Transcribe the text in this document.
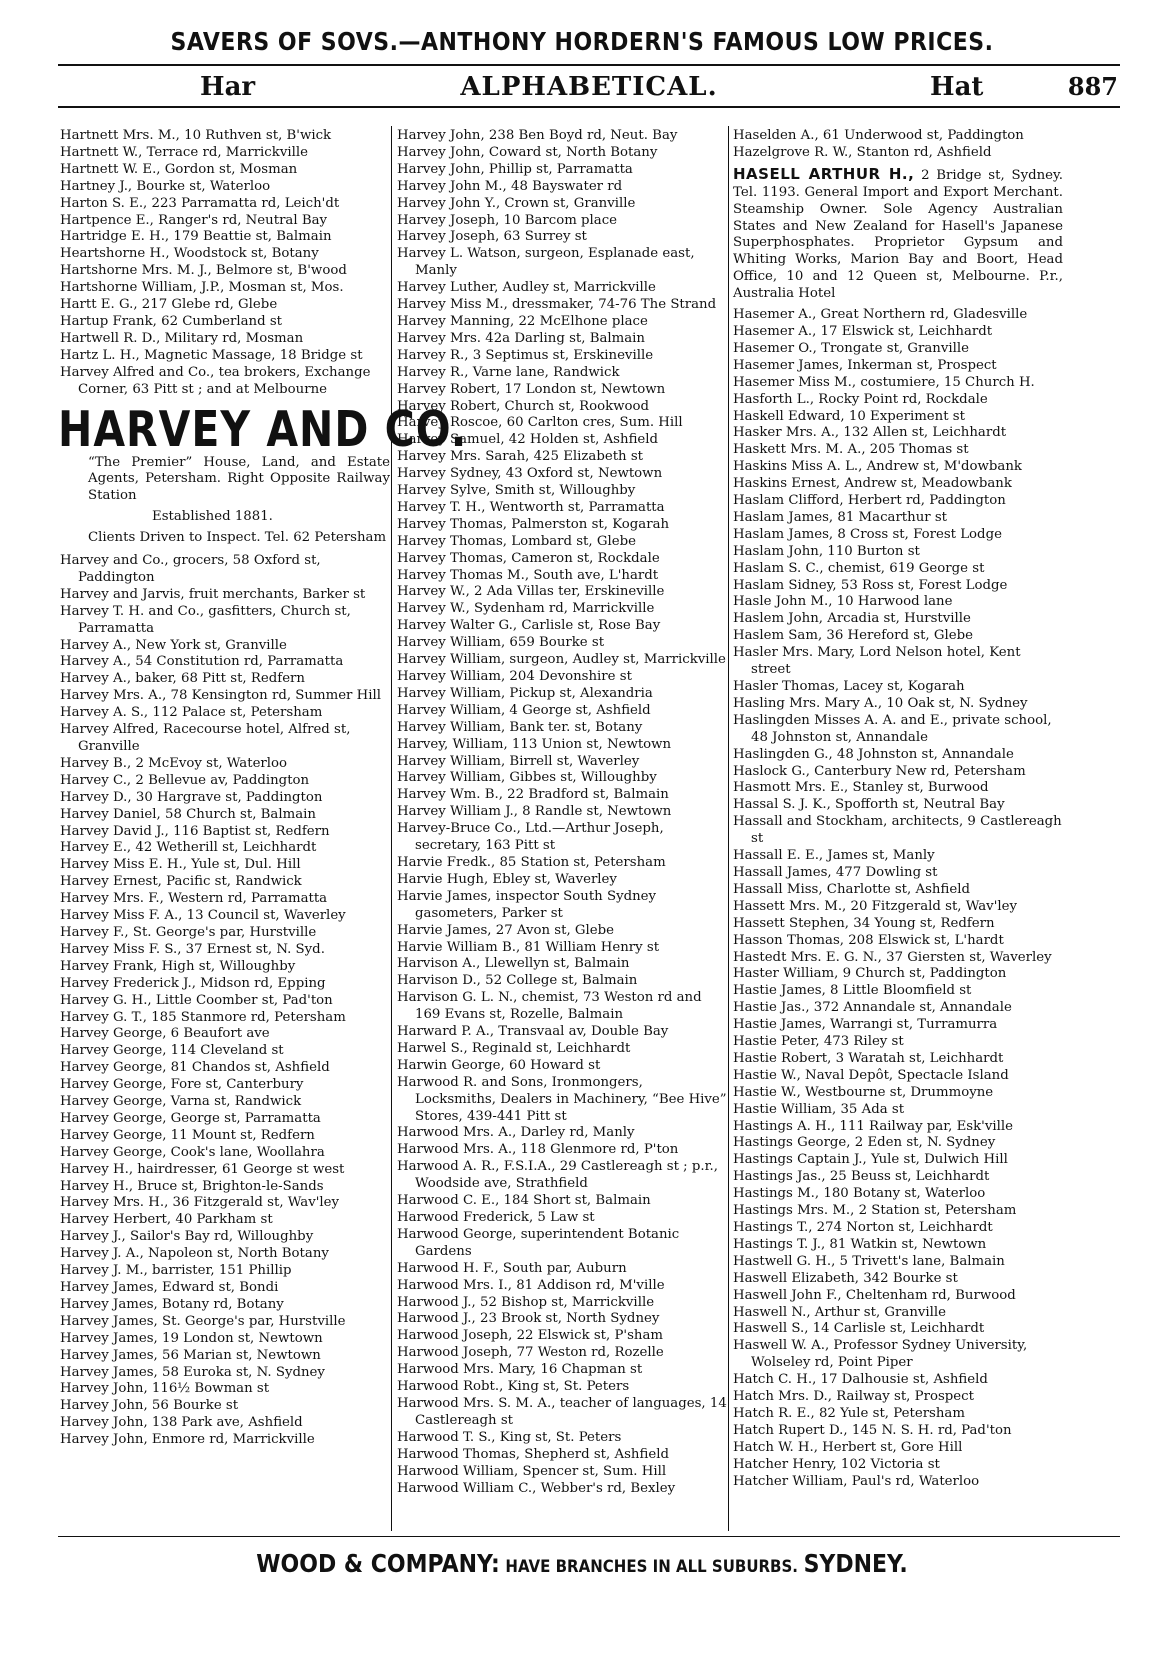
SAVERS OF SOVS.—ANTHONY HORDERN'S FAMOUS LOW PRICES.
Har	ALPHABETICAL.	Hat	887
Hartnett Mrs. M., 10 Ruthven st, B'wick
Hartnett W., Terrace rd, Marrickville
Hartnett W. E., Gordon st, Mosman
Hartney J., Bourke st, Waterloo
Harton S. E., 223 Parramatta rd, Leich'dt
Hartpence E., Ranger's rd, Neutral Bay
Hartridge E. H., 179 Beattie st, Balmain
Heartshorne H., Woodstock st, Botany
Hartshorne Mrs. M. J., Belmore st, B'wood
Hartshorne William, J.P., Mosman st, Mos.
Hartt E. G., 217 Glebe rd, Glebe
Hartup Frank, 62 Cumberland st
Hartwell R. D., Military rd, Mosman
Hartz L. H., Magnetic Massage, 18 Bridge st
Harvey Alfred and Co., tea brokers, Exchange Corner, 63 Pitt st ; and at Melbourne
HARVEY AND CO.
“The Premier” House, Land, and Estate Agents, Petersham. Right Opposite Railway Station
Established 1881.
Clients Driven to Inspect. Tel. 62 Petersham
Harvey and Co., grocers, 58 Oxford st, Paddington
Harvey and Jarvis, fruit merchants, Barker st
Harvey T. H. and Co., gasfitters, Church st, Parramatta
Harvey A., New York st, Granville
Harvey A., 54 Constitution rd, Parramatta
Harvey A., baker, 68 Pitt st, Redfern
Harvey Mrs. A., 78 Kensington rd, Summer Hill
Harvey A. S., 112 Palace st, Petersham
Harvey Alfred, Racecourse hotel, Alfred st, Granville
Harvey B., 2 McEvoy st, Waterloo
Harvey C., 2 Bellevue av, Paddington
Harvey D., 30 Hargrave st, Paddington
Harvey Daniel, 58 Church st, Balmain
Harvey David J., 116 Baptist st, Redfern
Harvey E., 42 Wetherill st, Leichhardt
Harvey Miss E. H., Yule st, Dul. Hill
Harvey Ernest, Pacific st, Randwick
Harvey Mrs. F., Western rd, Parramatta
Harvey Miss F. A., 13 Council st, Waverley
Harvey F., St. George's par, Hurstville
Harvey Miss F. S., 37 Ernest st, N. Syd.
Harvey Frank, High st, Willoughby
Harvey Frederick J., Midson rd, Epping
Harvey G. H., Little Coomber st, Pad'ton
Harvey G. T., 185 Stanmore rd, Petersham
Harvey George, 6 Beaufort ave
Harvey George, 114 Cleveland st
Harvey George, 81 Chandos st, Ashfield
Harvey George, Fore st, Canterbury
Harvey George, Varna st, Randwick
Harvey George, George st, Parramatta
Harvey George, 11 Mount st, Redfern
Harvey George, Cook's lane, Woollahra
Harvey H., hairdresser, 61 George st west
Harvey H., Bruce st, Brighton-le-Sands
Harvey Mrs. H., 36 Fitzgerald st, Wav'ley
Harvey Herbert, 40 Parkham st
Harvey J., Sailor's Bay rd, Willoughby
Harvey J. A., Napoleon st, North Botany
Harvey J. M., barrister, 151 Phillip
Harvey James, Edward st, Bondi
Harvey James, Botany rd, Botany
Harvey James, St. George's par, Hurstville
Harvey James, 19 London st, Newtown
Harvey James, 56 Marian st, Newtown
Harvey James, 58 Euroka st, N. Sydney
Harvey John, 116½ Bowman st
Harvey John, 56 Bourke st
Harvey John, 138 Park ave, Ashfield
Harvey John, Enmore rd, Marrickville
Harvey John, 238 Ben Boyd rd, Neut. Bay
Harvey John, Coward st, North Botany
Harvey John, Phillip st, Parramatta
Harvey John M., 48 Bayswater rd
Harvey John Y., Crown st, Granville
Harvey Joseph, 10 Barcom place
Harvey Joseph, 63 Surrey st
Harvey L. Watson, surgeon, Esplanade east, Manly
Harvey Luther, Audley st, Marrickville
Harvey Miss M., dressmaker, 74-76 The Strand
Harvey Manning, 22 McElhone place
Harvey Mrs. 42a Darling st, Balmain
Harvey R., 3 Septimus st, Erskineville
Harvey R., Varne lane, Randwick
Harvey Robert, 17 London st, Newtown
Harvey Robert, Church st, Rookwood
Harvey Roscoe, 60 Carlton cres, Sum. Hill
Harvey Samuel, 42 Holden st, Ashfield
Harvey Mrs. Sarah, 425 Elizabeth st
Harvey Sydney, 43 Oxford st, Newtown
Harvey Sylve, Smith st, Willoughby
Harvey T. H., Wentworth st, Parramatta
Harvey Thomas, Palmerston st, Kogarah
Harvey Thomas, Lombard st, Glebe
Harvey Thomas, Cameron st, Rockdale
Harvey Thomas M., South ave, L'hardt
Harvey W., 2 Ada Villas ter, Erskineville
Harvey W., Sydenham rd, Marrickville
Harvey Walter G., Carlisle st, Rose Bay
Harvey William, 659 Bourke st
Harvey William, surgeon, Audley st, Marrickville
Harvey William, 204 Devonshire st
Harvey William, Pickup st, Alexandria
Harvey William, 4 George st, Ashfield
Harvey William, Bank ter. st, Botany
Harvey, William, 113 Union st, Newtown
Harvey William, Birrell st, Waverley
Harvey William, Gibbes st, Willoughby
Harvey Wm. B., 22 Bradford st, Balmain
Harvey William J., 8 Randle st, Newtown
Harvey-Bruce Co., Ltd.—Arthur Joseph, secretary, 163 Pitt st
Harvie Fredk., 85 Station st, Petersham
Harvie Hugh, Ebley st, Waverley
Harvie James, inspector South Sydney gasometers, Parker st
Harvie James, 27 Avon st, Glebe
Harvie William B., 81 William Henry st
Harvison A., Llewellyn st, Balmain
Harvison D., 52 College st, Balmain
Harvison G. L. N., chemist, 73 Weston rd and 169 Evans st, Rozelle, Balmain
Harward P. A., Transvaal av, Double Bay
Harwel S., Reginald st, Leichhardt
Harwin George, 60 Howard st
Harwood R. and Sons, Ironmongers, Locksmiths, Dealers in Machinery, “Bee Hive” Stores, 439-441 Pitt st
Harwood Mrs. A., Darley rd, Manly
Harwood Mrs. A., 118 Glenmore rd, P'ton
Harwood A. R., F.S.I.A., 29 Castlereagh st ; p.r., Woodside ave, Strathfield
Harwood C. E., 184 Short st, Balmain
Harwood Frederick, 5 Law st
Harwood George, superintendent Botanic Gardens
Harwood H. F., South par, Auburn
Harwood Mrs. I., 81 Addison rd, M'ville
Harwood J., 52 Bishop st, Marrickville
Harwood J., 23 Brook st, North Sydney
Harwood Joseph, 22 Elswick st, P'sham
Harwood Joseph, 77 Weston rd, Rozelle
Harwood Mrs. Mary, 16 Chapman st
Harwood Robt., King st, St. Peters
Harwood Mrs. S. M. A., teacher of languages, 14 Castlereagh st
Harwood T. S., King st, St. Peters
Harwood Thomas, Shepherd st, Ashfield
Harwood William, Spencer st, Sum. Hill
Harwood William C., Webber's rd, Bexley
Haselden A., 61 Underwood st, Paddington
Hazelgrove R. W., Stanton rd, Ashfield
HASELL ARTHUR H., 2 Bridge st, Sydney. Tel. 1193. General Import and Export Merchant. Steamship Owner. Sole Agency Australian States and New Zealand for Hasell's Japanese Superphosphates. Proprietor Gypsum and Whiting Works, Marion Bay and Boort, Head Office, 10 and 12 Queen st, Melbourne. P.r., Australia Hotel
Hasemer A., Great Northern rd, Gladesville
Hasemer A., 17 Elswick st, Leichhardt
Hasemer O., Trongate st, Granville
Hasemer James, Inkerman st, Prospect
Hasemer Miss M., costumiere, 15 Church H.
Hasforth L., Rocky Point rd, Rockdale
Haskell Edward, 10 Experiment st
Hasker Mrs. A., 132 Allen st, Leichhardt
Haskett Mrs. M. A., 205 Thomas st
Haskins Miss A. L., Andrew st, M'dowbank
Haskins Ernest, Andrew st, Meadowbank
Haslam Clifford, Herbert rd, Paddington
Haslam James, 81 Macarthur st
Haslam James, 8 Cross st, Forest Lodge
Haslam John, 110 Burton st
Haslam S. C., chemist, 619 George st
Haslam Sidney, 53 Ross st, Forest Lodge
Hasle John M., 10 Harwood lane
Haslem John, Arcadia st, Hurstville
Haslem Sam, 36 Hereford st, Glebe
Hasler Mrs. Mary, Lord Nelson hotel, Kent street
Hasler Thomas, Lacey st, Kogarah
Hasling Mrs. Mary A., 10 Oak st, N. Sydney
Haslingden Misses A. A. and E., private school, 48 Johnston st, Annandale
Haslingden G., 48 Johnston st, Annandale
Haslock G., Canterbury New rd, Petersham
Hasmott Mrs. E., Stanley st, Burwood
Hassal S. J. K., Spofforth st, Neutral Bay
Hassall and Stockham, architects, 9 Castlereagh st
Hassall E. E., James st, Manly
Hassall James, 477 Dowling st
Hassall Miss, Charlotte st, Ashfield
Hassett Mrs. M., 20 Fitzgerald st, Wav'ley
Hassett Stephen, 34 Young st, Redfern
Hasson Thomas, 208 Elswick st, L'hardt
Hastedt Mrs. E. G. N., 37 Giersten st, Waverley
Haster William, 9 Church st, Paddington
Hastie James, 8 Little Bloomfield st
Hastie Jas., 372 Annandale st, Annandale
Hastie James, Warrangi st, Turramurra
Hastie Peter, 473 Riley st
Hastie Robert, 3 Waratah st, Leichhardt
Hastie W., Naval Depôt, Spectacle Island
Hastie W., Westbourne st, Drummoyne
Hastie William, 35 Ada st
Hastings A. H., 111 Railway par, Esk'ville
Hastings George, 2 Eden st, N. Sydney
Hastings Captain J., Yule st, Dulwich Hill
Hastings Jas., 25 Beuss st, Leichhardt
Hastings M., 180 Botany st, Waterloo
Hastings Mrs. M., 2 Station st, Petersham
Hastings T., 274 Norton st, Leichhardt
Hastings T. J., 81 Watkin st, Newtown
Hastwell G. H., 5 Trivett's lane, Balmain
Haswell Elizabeth, 342 Bourke st
Haswell John F., Cheltenham rd, Burwood
Haswell N., Arthur st, Granville
Haswell S., 14 Carlisle st, Leichhardt
Haswell W. A., Professor Sydney University, Wolseley rd, Point Piper
Hatch C. H., 17 Dalhousie st, Ashfield
Hatch Mrs. D., Railway st, Prospect
Hatch R. E., 82 Yule st, Petersham
Hatch Rupert D., 145 N. S. H. rd, Pad'ton
Hatch W. H., Herbert st, Gore Hill
Hatcher Henry, 102 Victoria st
Hatcher William, Paul's rd, Waterloo
WOOD & COMPANY: HAVE BRANCHES IN ALL SUBURBS. SYDNEY.
